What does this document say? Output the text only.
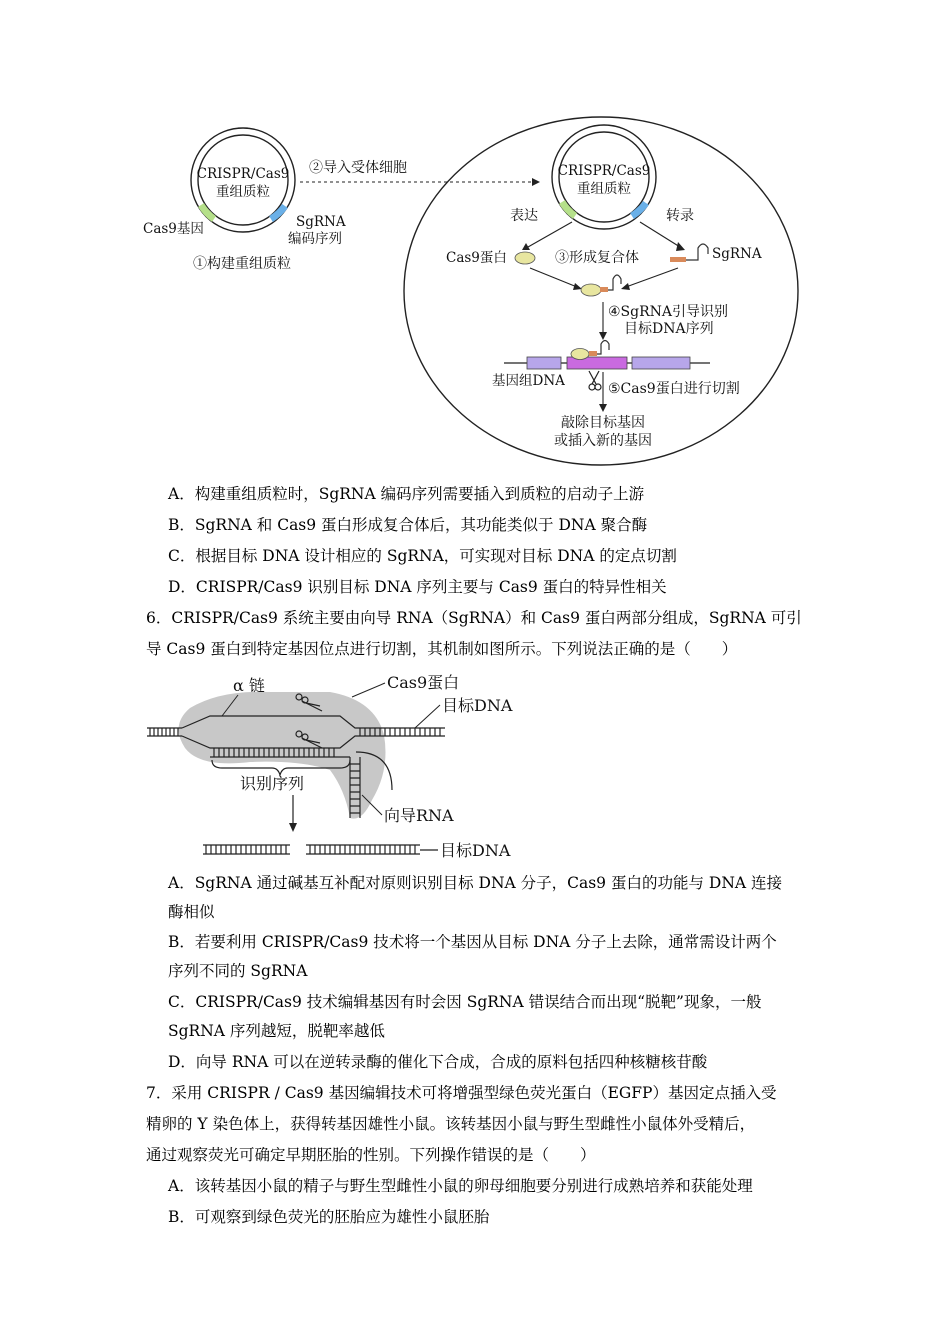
CRISPR/Cas9
重组质粒
Cas9基因	SgRNA
编码序列
①构建重组质粒
②导入受体细胞	CRISPR/Cas9
重组质粒
表达	转录
Cas9蛋白	③形成复合体	SgRNA
④SgRNA引导识别
目标DNA序列
基因组DNA	⑤Cas9蛋白进行切割
敲除目标基因
或插入新的基因
A．构建重组质粒时，SgRNA 编码序列需要插入到质粒的启动子上游
B．SgRNA 和 Cas9 蛋白形成复合体后，其功能类似于 DNA 聚合酶
C．根据目标 DNA 设计相应的 SgRNA，可实现对目标 DNA 的定点切割
D．CRISPR/Cas9 识别目标 DNA 序列主要与 Cas9 蛋白的特异性相关
6．CRISPR/Cas9 系统主要由向导 RNA（SgRNA）和 Cas9 蛋白两部分组成，SgRNA 可引
导 Cas9 蛋白到特定基因位点进行切割，其机制如图所示。下列说法正确的是（　　）
α 链	Cas9蛋白
目标DNA
识别序列
向导RNA
目标DNA
A．SgRNA 通过碱基互补配对原则识别目标 DNA 分子，Cas9 蛋白的功能与 DNA 连接
酶相似
B．若要利用 CRISPR/Cas9 技术将一个基因从目标 DNA 分子上去除，通常需设计两个
序列不同的 SgRNA
C．CRISPR/Cas9 技术编辑基因有时会因 SgRNA 错误结合而出现“脱靶”现象，一般
SgRNA 序列越短，脱靶率越低
D．向导 RNA 可以在逆转录酶的催化下合成，合成的原料包括四种核糖核苷酸
7．采用 CRISPR / Cas9 基因编辑技术可将增强型绿色荧光蛋白（EGFP）基因定点插入受
精卵的 Y 染色体上，获得转基因雄性小鼠。该转基因小鼠与野生型雌性小鼠体外受精后，
通过观察荧光可确定早期胚胎的性别。下列操作错误的是（　　）
A．该转基因小鼠的精子与野生型雌性小鼠的卵母细胞要分别进行成熟培养和获能处理
B．可观察到绿色荧光的胚胎应为雄性小鼠胚胎
